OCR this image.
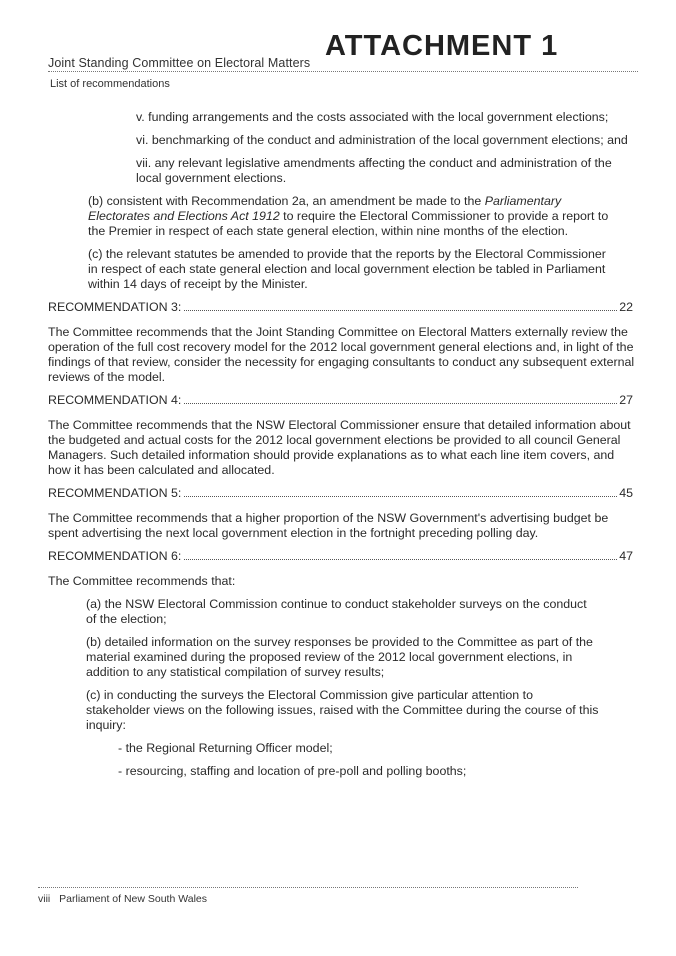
Joint Standing Committee on Electoral Matters
ATTACHMENT 1
List of recommendations

v. funding arrangements and the costs associated with the local government elections;

vi. benchmarking of the conduct and administration of the local government elections; and

vii. any relevant legislative amendments affecting the conduct and administration of the local government elections.

(b) consistent with Recommendation 2a, an amendment be made to the Parliamentary Electorates and Elections Act 1912 to require the Electoral Commissioner to provide a report to the Premier in respect of each state general election, within nine months of the election.

(c) the relevant statutes be amended to provide that the reports by the Electoral Commissioner in respect of each state general election and local government election be tabled in Parliament within 14 days of receipt by the Minister.

RECOMMENDATION 3:	22

The Committee recommends that the Joint Standing Committee on Electoral Matters externally review the operation of the full cost recovery model for the 2012 local government general elections and, in light of the findings of that review, consider the necessity for engaging consultants to conduct any subsequent external reviews of the model.

RECOMMENDATION 4:	27

The Committee recommends that the NSW Electoral Commissioner ensure that detailed information about the budgeted and actual costs for the 2012 local government elections be provided to all council General Managers. Such detailed information should provide explanations as to what each line item covers, and how it has been calculated and allocated.

RECOMMENDATION 5:	45

The Committee recommends that a higher proportion of the NSW Government's advertising budget be spent advertising the next local government election in the fortnight preceding polling day.

RECOMMENDATION 6:	47

The Committee recommends that:

(a) the NSW Electoral Commission continue to conduct stakeholder surveys on the conduct of the election;

(b) detailed information on the survey responses be provided to the Committee as part of the material examined during the proposed review of the 2012 local government elections, in addition to any statistical compilation of survey results;

(c) in conducting the surveys the Electoral Commission give particular attention to stakeholder views on the following issues, raised with the Committee during the course of this inquiry:

- the Regional Returning Officer model;

- resourcing, staffing and location of pre-poll and polling booths;

viii Parliament of New South Wales
